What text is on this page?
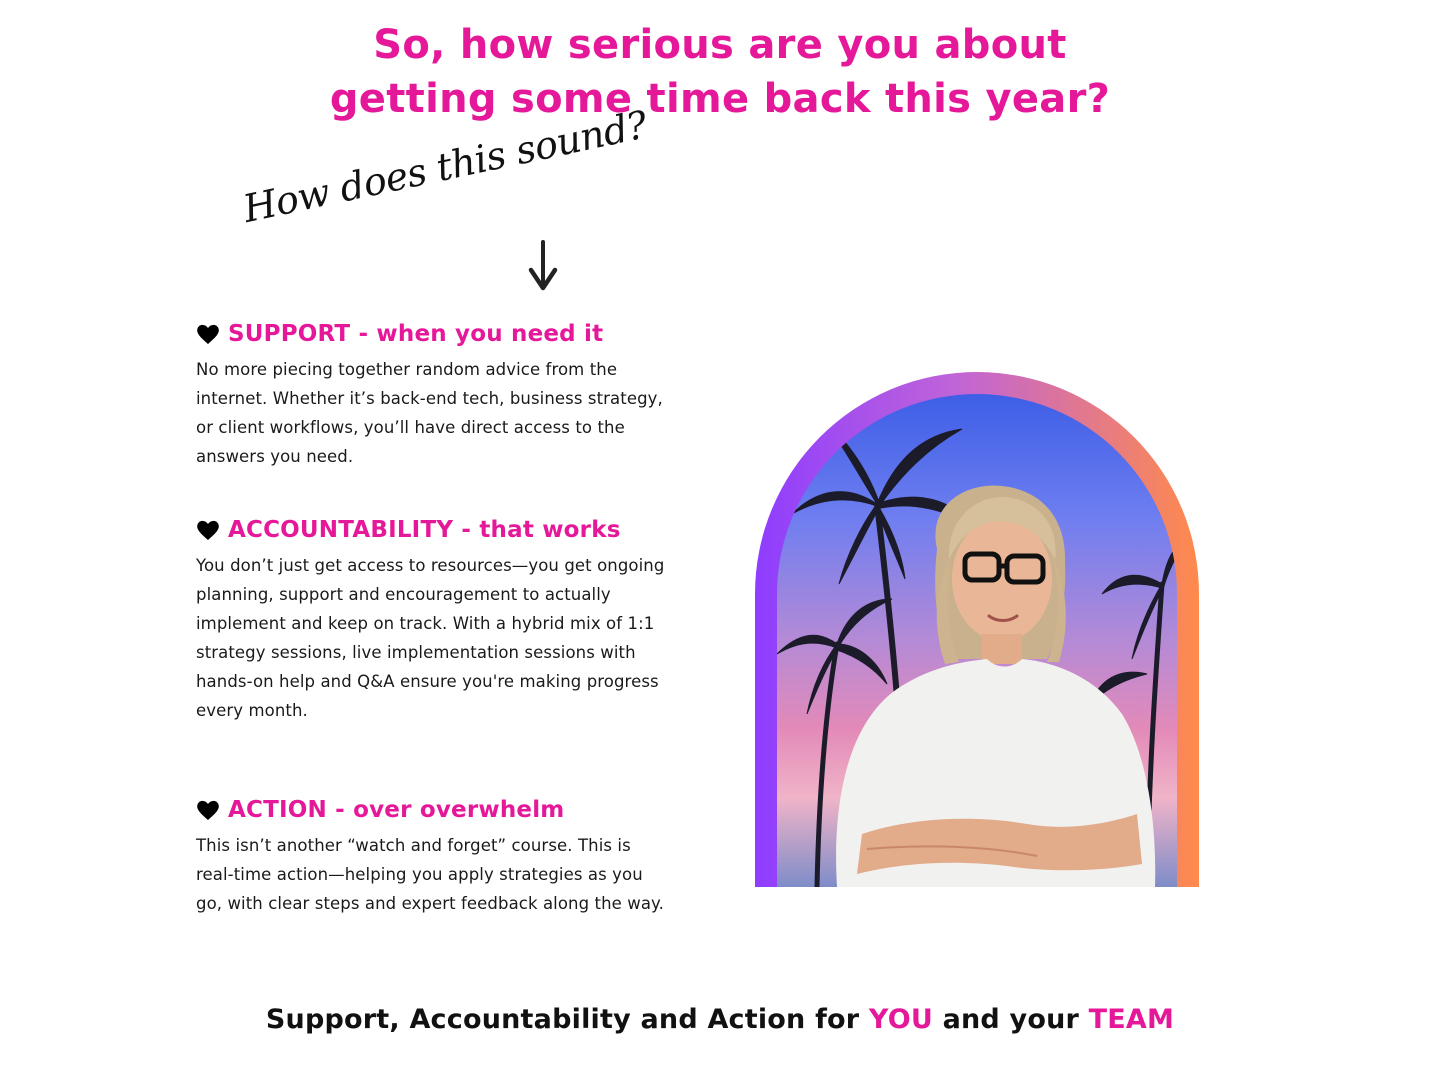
So, how serious are you about
getting some time back this year?
How does this sound?
SUPPORT - when you need it
No more piecing together random advice from the internet. Whether it’s back-end tech, business strategy, or client workflows, you’ll have direct access to the answers you need.
ACCOUNTABILITY - that works
You don’t just get access to resources—you get ongoing planning, support and encouragement to actually implement and keep on track. With a hybrid mix of 1:1 strategy sessions, live implementation sessions with hands-on help and Q&A ensure you're making progress every month.
ACTION - over overwhelm
This isn’t another “watch and forget” course. This is real-time action—helping you apply strategies as you go, with clear steps and expert feedback along the way.
Support, Accountability and Action for YOU and your TEAM
